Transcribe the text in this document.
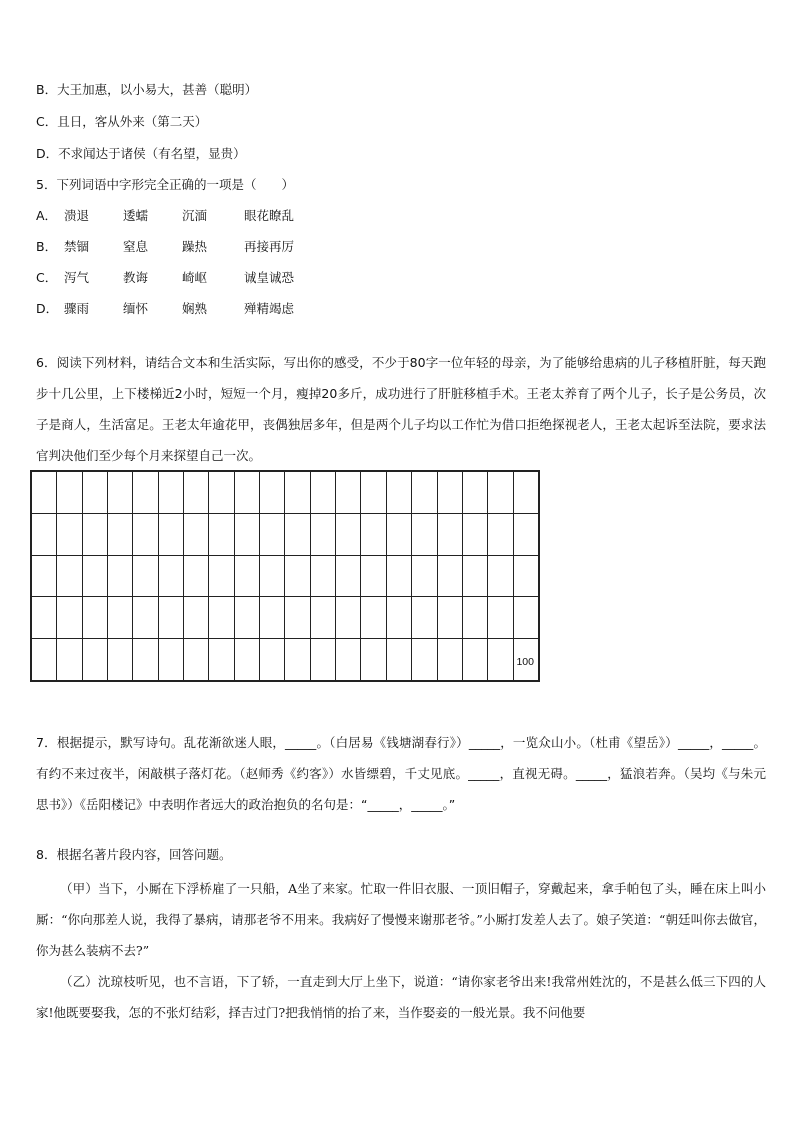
B．大王加惠，以小易大，甚善（聪明）
C．且日，客从外来（第二天）
D．不求闻达于诸侯（有名望，显贵）
5．下列词语中字形完全正确的一项是（　　）
A． 溃退	逶蠕	沉湎	眼花瞭乱
B． 禁锢	窒息	躁热	再接再厉
C． 泻气	教诲	崎岖	诚皇诚恐
D． 骤雨	缅怀	娴熟	殚精竭虑
6．阅读下列材料，请结合文本和生活实际，写出你的感受，不少于80字一位年轻的母亲，为了能够给患病的儿子移植肝脏，每天跑步十几公里，上下楼梯近2小时，短短一个月，瘦掉20多斤，成功进行了肝脏移植手术。王老太养育了两个儿子，长子是公务员，次子是商人，生活富足。王老太年逾花甲，丧偶独居多年，但是两个儿子均以工作忙为借口拒绝探视老人，王老太起诉至法院，要求法官判决他们至少每个月来探望自己一次。

																			100
7．根据提示，默写诗句。乱花渐欲迷人眼，_____。（白居易《钱塘湖春行》）_____，一览众山小。（杜甫《望岳》）_____，_____。有约不来过夜半，闲敲棋子落灯花。（赵师秀《约客》）水皆缥碧，千丈见底。_____，直视无碍。_____，猛浪若奔。（吴均《与朱元思书》）《岳阳楼记》中表明作者远大的政治抱负的名句是：“_____，_____。”
8．根据名著片段内容，回答问题。
（甲）当下，小厮在下浮桥雇了一只船，A坐了来家。忙取一件旧衣服、一顶旧帽子，穿戴起来，拿手帕包了头，睡在床上叫小厮：“你向那差人说，我得了暴病，请那老爷不用来。我病好了慢慢来谢那老爷。”小厮打发差人去了。娘子笑道：“朝廷叫你去做官，你为甚么装病不去?”
（乙）沈琼枝听见，也不言语，下了轿，一直走到大厅上坐下，说道：“请你家老爷出来!我常州姓沈的，不是甚么低三下四的人家!他既要娶我，怎的不张灯结彩，择吉过门?把我悄悄的抬了来，当作娶妾的一般光景。我不问他要
